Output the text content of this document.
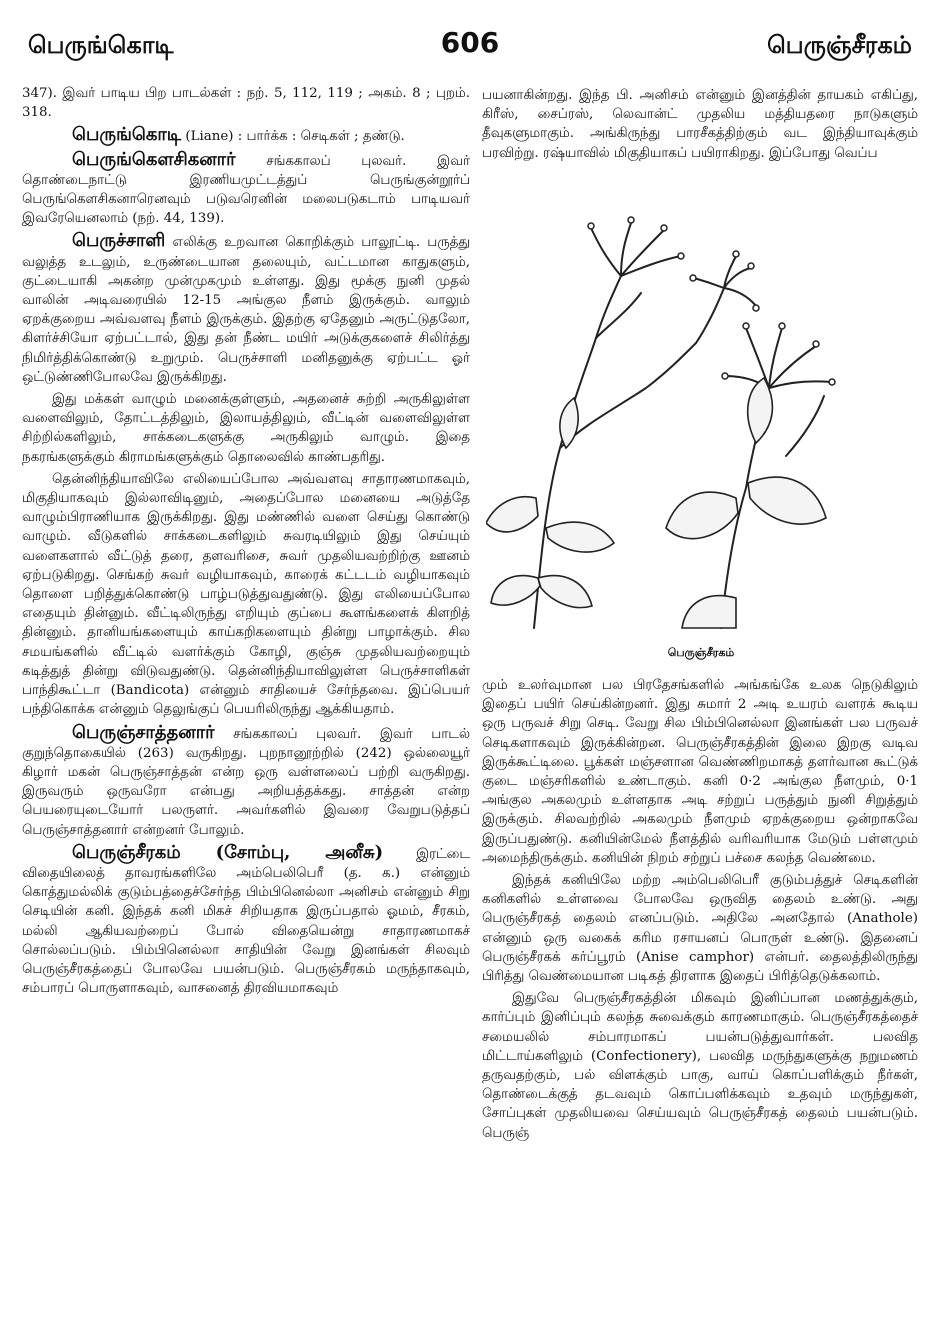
பெருங்கொடி	606	பெருஞ்சீரகம்

347). இவர் பாடிய பிற பாடல்கள் : நற். 5, 112, 119 ; அகம். 8 ; புறம். 318.

பெருங்கொடி (Liane) : பார்க்க : செடிகள் ; தண்டு.

பெருங்கௌசிகனார் சங்ககாலப் புலவர். இவர் தொண்டைநாட்டு இரணியமுட்டத்துப் பெருங்குன்றூர்ப் பெருங்கௌசிகனாரெனவும் படுவரெனின் மலைபடுகடாம் பாடியவர் இவரேயெனலாம் (நற். 44, 139).

பெருச்சாளி எலிக்கு உறவான கொறிக்கும் பாலூட்டி. பருத்து வலுத்த உடலும், உருண்டையான தலையும், வட்டமான காதுகளும், குட்டையாகி அகன்ற முன்முகமும் உள்ளது. இது மூக்கு நுனி முதல் வாலின் அடிவரையில் 12-15 அங்குல நீளம் இருக்கும். வாலும் ஏறக்குறைய அவ்வளவு நீளம் இருக்கும். இதற்கு ஏதேனும் அருட்டுதலோ, கிளர்ச்சியோ ஏற்பட்டால், இது தன் நீண்ட மயிர் அடுக்குகளைச் சிலிர்த்து நிமிர்த்திக்கொண்டு உறுமும். பெருச்சாளி மனிதனுக்கு ஏற்பட்ட ஓர் ஒட்டுண்ணிபோலவே இருக்கிறது.

இது மக்கள் வாழும் மனைக்குள்ளும், அதனைச் சுற்றி அருகிலுள்ள வளைவிலும், தோட்டத்திலும், இலாயத்திலும், வீட்டின் வளைவிலுள்ள சிற்றில்களிலும், சாக்கடைகளுக்கு அருகிலும் வாழும். இதை நகரங்களுக்கும் கிராமங்களுக்கும் தொலைவில் காண்பதரிது.

தென்னிந்தியாவிலே எலியைப்போல அவ்வளவு சாதாரணமாகவும், மிகுதியாகவும் இல்லாவிடினும், அதைப்போல மனையை அடுத்தே வாழும்பிராணியாக இருக்கிறது. இது மண்ணில் வளை செய்து கொண்டு வாழும். வீடுகளில் சாக்கடைகளிலும் சுவரடியிலும் இது செய்யும் வளைகளால் வீட்டுத் தரை, தளவரிசை, சுவர் முதலியவற்றிற்கு ஊனம் ஏற்படுகிறது. செங்கற் சுவர் வழியாகவும், காரைக் கட்டடம் வழியாகவும் தொளை பறித்துக்கொண்டு பாழ்படுத்துவதுண்டு. இது எலியைப்போல எதையும் தின்னும். வீட்டிலிருந்து எறியும் குப்பை கூளங்களைக் கிளறித் தின்னும். தானியங்களையும் காய்கறிகளையும் தின்று பாழாக்கும். சில சமயங்களில் வீட்டில் வளர்க்கும் கோழி, குஞ்சு முதலியவற்றையும் கடித்துத் தின்று விடுவதுண்டு. தென்னிந்தியாவிலுள்ள பெருச்சாளிகள் பாந்திகூட்டா (Bandicota) என்னும் சாதியைச் சேர்ந்தவை. இப்பெயர் பந்திகொக்க என்னும் தெலுங்குப் பெயரிலிருந்து ஆக்கியதாம்.

பெருஞ்சாத்தனார் சங்ககாலப் புலவர். இவர் பாடல் குறுந்தொகையில் (263) வருகிறது. புறநானூற்றில் (242) ஒல்லையூர் கிழார் மகன் பெருஞ்சாத்தன் என்ற ஒரு வள்ளலைப் பற்றி வருகிறது. இருவரும் ஒருவரோ என்பது அறியத்தக்கது. சாத்தன் என்ற பெயரையுடையோர் பலருளர். அவர்களில் இவரை வேறுபடுத்தப் பெருஞ்சாத்தனார் என்றனர் போலும்.

பெருஞ்சீரகம் (சோம்பு, அனீசு) இரட்டை விதையிலைத் தாவரங்களிலே அம்பெலிபெரீ (த. க.) என்னும் கொத்துமல்லிக் குடும்பத்தைச்சேர்ந்த பிம்பினெல்லா அனிசம் என்னும் சிறு செடியின் கனி. இந்தக் கனி மிகச் சிறியதாக இருப்பதால் ஓமம், சீரகம், மல்லி ஆகியவற்றைப் போல் விதையென்று சாதாரணமாகச் சொல்லப்படும். பிம்பினெல்லா சாதியின் வேறு இனங்கள் சிலவும் பெருஞ்சீரகத்தைப் போலவே பயன்படும். பெருஞ்சீரகம் மருந்தாகவும், சம்பாரப் பொருளாகவும், வாசனைத் திரவியமாகவும்

பயனாகின்றது. இந்த பி. அனிசம் என்னும் இனத்தின் தாயகம் எகிப்து, கிரீஸ், சைப்ரஸ், லெவான்ட் முதலிய மத்தியதரை நாடுகளும் தீவுகளுமாகும். அங்கிருந்து பாரசீகத்திற்கும் வட இந்தியாவுக்கும் பரவிற்று. ரஷ்யாவில் மிகுதியாகப் பயிராகிறது. இப்போது வெப்ப

பெருஞ்சீரகம்

மும் உலர்வுமான பல பிரதேசங்களில் அங்கங்கே உலக நெடுகிலும் இதைப் பயிர் செய்கின்றனர். இது சுமார் 2 அடி உயரம் வளரக் கூடிய ஒரு பருவச் சிறு செடி. வேறு சில பிம்பினெல்லா இனங்கள் பல பருவச் செடிகளாகவும் இருக்கின்றன. பெருஞ்சீரகத்தின் இலை இறகு வடிவ இருக்கூட்டிலை. பூக்கள் மஞ்சளான வெண்ணிறமாகத் தளர்வான கூட்டுக் குடை மஞ்சரிகளில் உண்டாகும். கனி 0·2 அங்குல நீளமும், 0·1 அங்குல அகலமும் உள்ளதாக அடி சற்றுப் பருத்தும் நுனி சிறுத்தும் இருக்கும். சிலவற்றில் அகலமும் நீளமும் ஏறக்குறைய ஒன்றாகவே இருப்பதுண்டு. கனியின்மேல் நீளத்தில் வரிவரியாக மேடும் பள்ளமும் அமைந்திருக்கும். கனியின் நிறம் சற்றுப் பச்சை கலந்த வெண்மை.

இந்தக் கனியிலே மற்ற அம்பெலிபெரீ குடும்பத்துச் செடிகளின் கனிகளில் உள்ளவை போலவே ஒருவித தைலம் உண்டு. அது பெருஞ்சீரகத் தைலம் எனப்படும். அதிலே அனதோல் (Anathole) என்னும் ஒரு வகைக் கரிம ரசாயனப் பொருள் உண்டு. இதனைப் பெருஞ்சீரகக் கர்ப்பூரம் (Anise camphor) என்பர். தைலத்திலிருந்து பிரித்து வெண்மையான படிகத் திரளாக இதைப் பிரித்தெடுக்கலாம்.

இதுவே பெருஞ்சீரகத்தின் மிகவும் இனிப்பான மணத்துக்கும், கார்ப்பும் இனிப்பும் கலந்த சுவைக்கும் காரணமாகும். பெருஞ்சீரகத்தைச் சமையலில் சம்பாரமாகப் பயன்படுத்துவார்கள். பலவித மிட்டாய்களிலும் (Confectionery), பலவித மருந்துகளுக்கு நறுமணம் தருவதற்கும், பல் விளக்கும் பாகு, வாய் கொப்பளிக்கும் நீர்கள், தொண்டைக்குத் தடவவும் கொப்பளிக்கவும் உதவும் மருந்துகள், சோப்புகள் முதலியவை செய்யவும் பெருஞ்சீரகத் தைலம் பயன்படும். பெருஞ்
